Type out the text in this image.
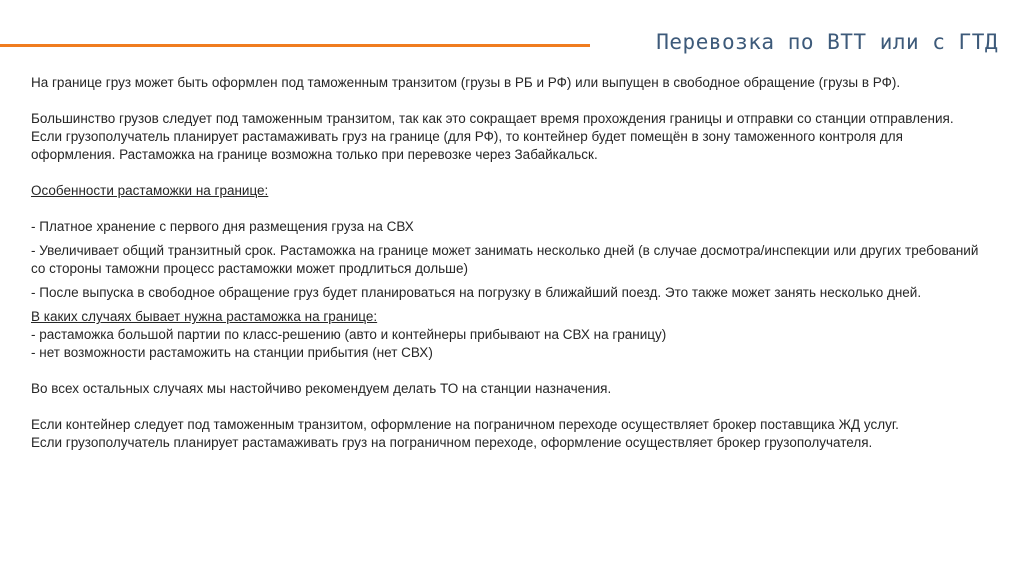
Перевозка по ВТТ или с ГТД

На границе груз может быть оформлен под таможенным транзитом (грузы в РБ и РФ) или выпущен в свободное обращение (грузы в РФ).

Большинство грузов следует под таможенным транзитом, так как это сокращает время прохождения границы и отправки со станции отправления.

Если грузополучатель планирует растамаживать груз на границе (для РФ), то контейнер будет помещён в зону таможенного контроля для оформления. Растаможка на границе возможна только при перевозке через Забайкальск.

Особенности растаможки на границе:

- Платное хранение с первого дня размещения груза на СВХ

- Увеличивает общий транзитный срок. Растаможка на границе может занимать несколько дней (в случае досмотра/инспекции или других требований со стороны таможни процесс растаможки может продлиться дольше)

- После выпуска в свободное обращение груз будет планироваться на погрузку в ближайший поезд. Это также может занять несколько дней.

В каких случаях бывает нужна растаможка на границе:

- растаможка большой партии по класс-решению (авто и контейнеры прибывают на СВХ на границу)

- нет возможности растаможить на станции прибытия (нет СВХ)

Во всех остальных случаях мы настойчиво рекомендуем делать ТО на станции назначения.

Если контейнер следует под таможенным транзитом, оформление на пограничном переходе осуществляет брокер поставщика ЖД услуг.

Если грузополучатель планирует растамаживать груз на пограничном переходе, оформление осуществляет брокер грузополучателя.
